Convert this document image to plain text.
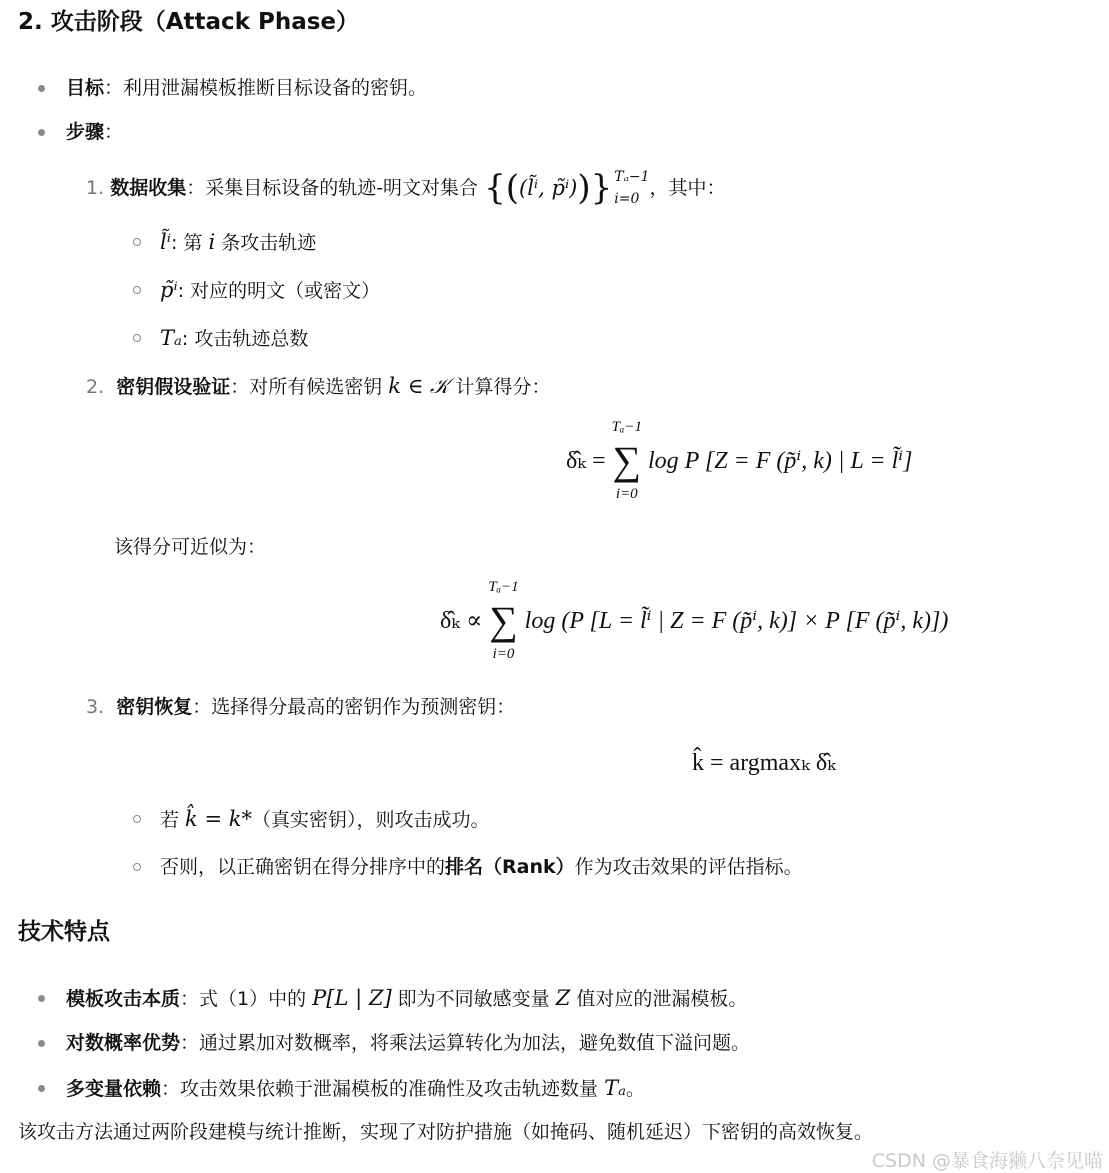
2. 攻击阶段（Attack Phase）
目标：利用泄漏模板推断目标设备的密钥。
步骤：
1.
数据收集 ：采集目标设备的轨迹-明文对集合
{ ( (l̃ⁱ, p̃ⁱ) ) } Tₐ−1
i=0 ，其中：
l̃ⁱ: 第 i 条攻击轨迹
p̃ⁱ: 对应的明文（或密文）
Tₐ: 攻击轨迹总数
2. 密钥假设验证：对所有候选密钥 k ∈ 𝒦 计算得分：
δ̂ₖ =
Tₐ−1
∑
i=0
log P [Z = F (p̃ⁱ, k) | L = l̃ⁱ]
该得分可近似为：
δ̂ₖ ∝
Tₐ−1
∑
i=0
log (P [L = l̃ⁱ | Z = F (p̃ⁱ, k)] × P [F (p̃ⁱ, k)])
3. 密钥恢复：选择得分最高的密钥作为预测密钥：
k̂ = argmaxₖ δ̂ₖ
若 k̂ = k*（真实密钥），则攻击成功。
否则，以正确密钥在得分排序中的排名（Rank）作为攻击效果的评估指标。
技术特点
模板攻击本质：式（1）中的 P[L | Z] 即为不同敏感变量 Z 值对应的泄漏模板。
对数概率优势：通过累加对数概率，将乘法运算转化为加法，避免数值下溢问题。
多变量依赖：攻击效果依赖于泄漏模板的准确性及攻击轨迹数量 Tₐ。
该攻击方法通过两阶段建模与统计推断，实现了对防护措施（如掩码、随机延迟）下密钥的高效恢复。
CSDN @暴食海獭八奈见喵
